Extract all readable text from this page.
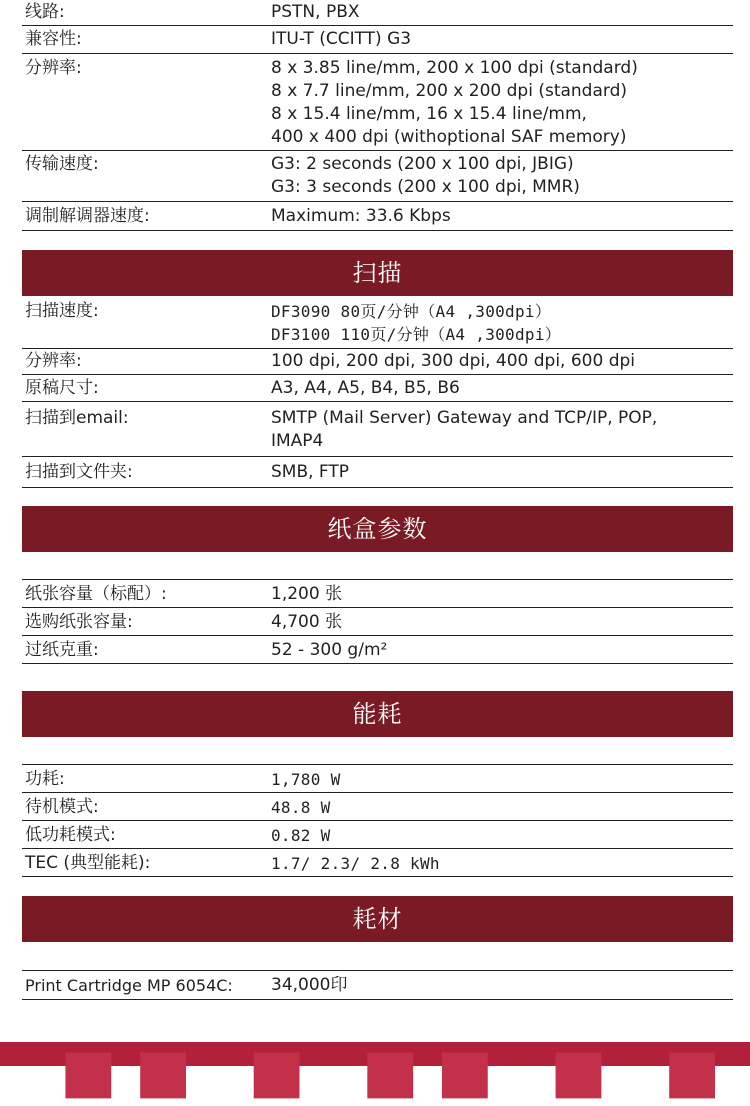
线路:	PSTN, PBX
兼容性:	ITU-T (CCITT) G3
分辨率:	8 x 3.85 line/mm, 200 x 100 dpi (standard)
8 x 7.7 line/mm, 200 x 200 dpi (standard)
8 x 15.4 line/mm, 16 x 15.4 line/mm,
400 x 400 dpi (withoptional SAF memory)
传输速度:	G3: 2 seconds (200 x 100 dpi, JBIG)
G3: 3 seconds (200 x 100 dpi, MMR)
调制解调器速度:	Maximum: 33.6 Kbps
扫描
扫描速度:	DF3090 80页/分钟（A4 ,300dpi）
DF3100 110页/分钟（A4 ,300dpi）
分辨率:	100 dpi, 200 dpi, 300 dpi, 400 dpi, 600 dpi
原稿尺寸:	A3, A4, A5, B4, B5, B6
扫描到email:	SMTP (Mail Server) Gateway and TCP/IP, POP,
IMAP4
扫描到文件夹:	SMB, FTP
纸盒参数
纸张容量（标配）:	1,200 张
选购纸张容量:	4,700 张
过纸克重:	52 - 300 g/m²
能耗
功耗:	1,780 W
待机模式:	48.8 W
低功耗模式:	0.82 W
TEC (典型能耗):	1.7/ 2.3/ 2.8 kWh
耗材
Print Cartridge MP 6054C:	34,000印
■■ ■ ■■ ■ ■
